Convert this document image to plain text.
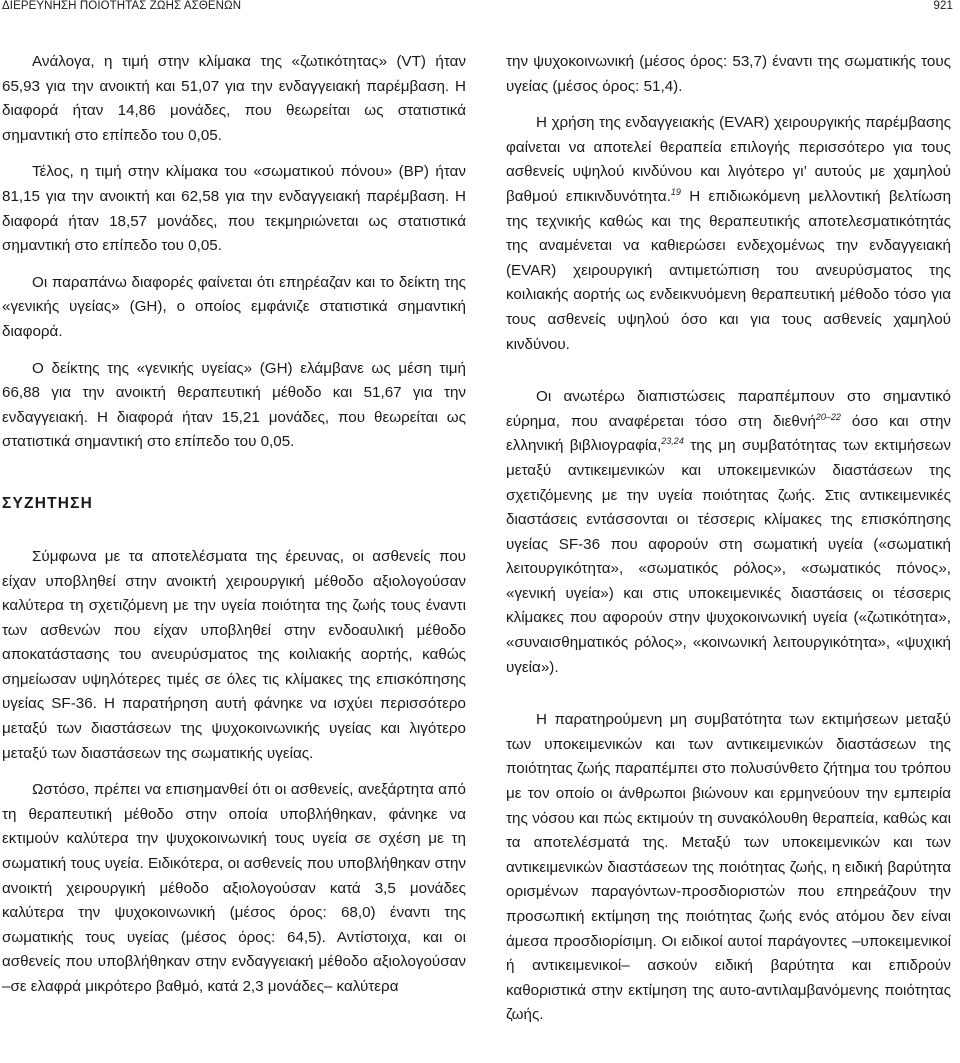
ΔΙΕΡΕΥΝΗΣΗ ΠΟΙΟΤΗΤΑΣ ΖΩΗΣ ΑΣΘΕΝΩΝ	921

Ανάλογα, η τιμή στην κλίμακα της «ζωτικότητας» (VT) ήταν 65,93 για την ανοικτή και 51,07 για την ενδαγγειακή παρέμβαση. Η διαφορά ήταν 14,86 μονάδες, που θεωρείται ως στατιστικά σημαντική στο επίπεδο του 0,05.

Τέλος, η τιμή στην κλίμακα του «σωματικού πόνου» (BP) ήταν 81,15 για την ανοικτή και 62,58 για την ενδαγγειακή παρέμβαση. Η διαφορά ήταν 18,57 μονάδες, που τεκμηριώνεται ως στατιστικά σημαντική στο επίπεδο του 0,05.

Οι παραπάνω διαφορές φαίνεται ότι επηρέαζαν και το δείκτη της «γενικής υγείας» (GH), ο οποίος εμφάνιζε στατιστικά σημαντική διαφορά.

Ο δείκτης της «γενικής υγείας» (GH) ελάμβανε ως μέση τιμή 66,88 για την ανοικτή θεραπευτική μέθοδο και 51,67 για την ενδαγγειακή. Η διαφορά ήταν 15,21 μονάδες, που θεωρείται ως στατιστικά σημαντική στο επίπεδο του 0,05.

ΣΥΖΗΤΗΣΗ

Σύμφωνα με τα αποτελέσματα της έρευνας, οι ασθενείς που είχαν υποβληθεί στην ανοικτή χειρουργική μέθοδο αξιολογούσαν καλύτερα τη σχετιζόμενη με την υγεία ποιότητα της ζωής τους έναντι των ασθενών που είχαν υποβληθεί στην ενδοαυλική μέθοδο αποκατάστασης του ανευρύσματος της κοιλιακής αορτής, καθώς σημείωσαν υψηλότερες τιμές σε όλες τις κλίμακες της επισκόπησης υγείας SF-36. Η παρατήρηση αυτή φάνηκε να ισχύει περισσότερο μεταξύ των διαστάσεων της ψυχοκοινωνικής υγείας και λιγότερο μεταξύ των διαστάσεων της σωματικής υγείας.

Ωστόσο, πρέπει να επισημανθεί ότι οι ασθενείς, ανεξάρτητα από τη θεραπευτική μέθοδο στην οποία υποβλήθηκαν, φάνηκε να εκτιμούν καλύτερα την ψυχοκοινωνική τους υγεία σε σχέση με τη σωματική τους υγεία. Ειδικότερα, οι ασθενείς που υποβλήθηκαν στην ανοικτή χειρουργική μέθοδο αξιολογούσαν κατά 3,5 μονάδες καλύτερα την ψυχοκοινωνική (μέσος όρος: 68,0) έναντι της σωματικής τους υγείας (μέσος όρος: 64,5). Αντίστοιχα, και οι ασθενείς που υποβλήθηκαν στην ενδαγγειακή μέθοδο αξιολογούσαν –σε ελαφρά μικρότερο βαθμό, κατά 2,3 μονάδες– καλύτερα

την ψυχοκοινωνική (μέσος όρος: 53,7) έναντι της σωματικής τους υγείας (μέσος όρος: 51,4).

Η χρήση της ενδαγγειακής (EVAR) χειρουργικής παρέμβασης φαίνεται να αποτελεί θεραπεία επιλογής περισσότερο για τους ασθενείς υψηλού κινδύνου και λιγότερο γι’ αυτούς με χαμηλού βαθμού επικινδυνότητα.$^{19}$ Η επιδιωκόμενη μελλοντική βελτίωση της τεχνικής καθώς και της θεραπευτικής αποτελεσματικότητάς της αναμένεται να καθιερώσει ενδεχομένως την ενδαγγειακή (EVAR) χειρουργική αντιμετώπιση του ανευρύσματος της κοιλιακής αορτής ως ενδεικνυόμενη θεραπευτική μέθοδο τόσο για τους ασθενείς υψηλού όσο και για τους ασθενείς χαμηλού κινδύνου.

Οι ανωτέρω διαπιστώσεις παραπέμπουν στο σημαντικό εύρημα, που αναφέρεται τόσο στη διεθνή$^{20-22}$ όσο και στην ελληνική βιβλιογραφία,$^{23,24}$ της μη συμβατότητας των εκτιμήσεων μεταξύ αντικειμενικών και υποκειμενικών διαστάσεων της σχετιζόμενης με την υγεία ποιότητας ζωής. Στις αντικειμενικές διαστάσεις εντάσσονται οι τέσσερις κλίμακες της επισκόπησης υγείας SF-36 που αφορούν στη σωματική υγεία («σωματική λειτουργικότητα», «σωματικός ρόλος», «σωματικός πόνος», «γενική υγεία») και στις υποκειμενικές διαστάσεις οι τέσσερις κλίμακες που αφορούν στην ψυχοκοινωνική υγεία («ζωτικότητα», «συναισθηματικός ρόλος», «κοινωνική λειτουργικότητα», «ψυχική υγεία»).

Η παρατηρούμενη μη συμβατότητα των εκτιμήσεων μεταξύ των υποκειμενικών και των αντικειμενικών διαστάσεων της ποιότητας ζωής παραπέμπει στο πολυσύνθετο ζήτημα του τρόπου με τον οποίο οι άνθρωποι βιώνουν και ερμηνεύουν την εμπειρία της νόσου και πώς εκτιμούν τη συνακόλουθη θεραπεία, καθώς και τα αποτελέσματά της. Μεταξύ των υποκειμενικών και των αντικειμενικών διαστάσεων της ποιότητας ζωής, η ειδική βαρύτητα ορισμένων παραγόντων-προσδιοριστών που επηρεάζουν την προσωπική εκτίμηση της ποιότητας ζωής ενός ατόμου δεν είναι άμεσα προσδιορίσιμη. Οι ειδικοί αυτοί παράγοντες –υποκειμενικοί ή αντικειμενικοί– ασκούν ειδική βαρύτητα και επιδρούν καθοριστικά στην εκτίμηση της αυτο-αντιλαμβανόμενης ποιότητας ζωής.
